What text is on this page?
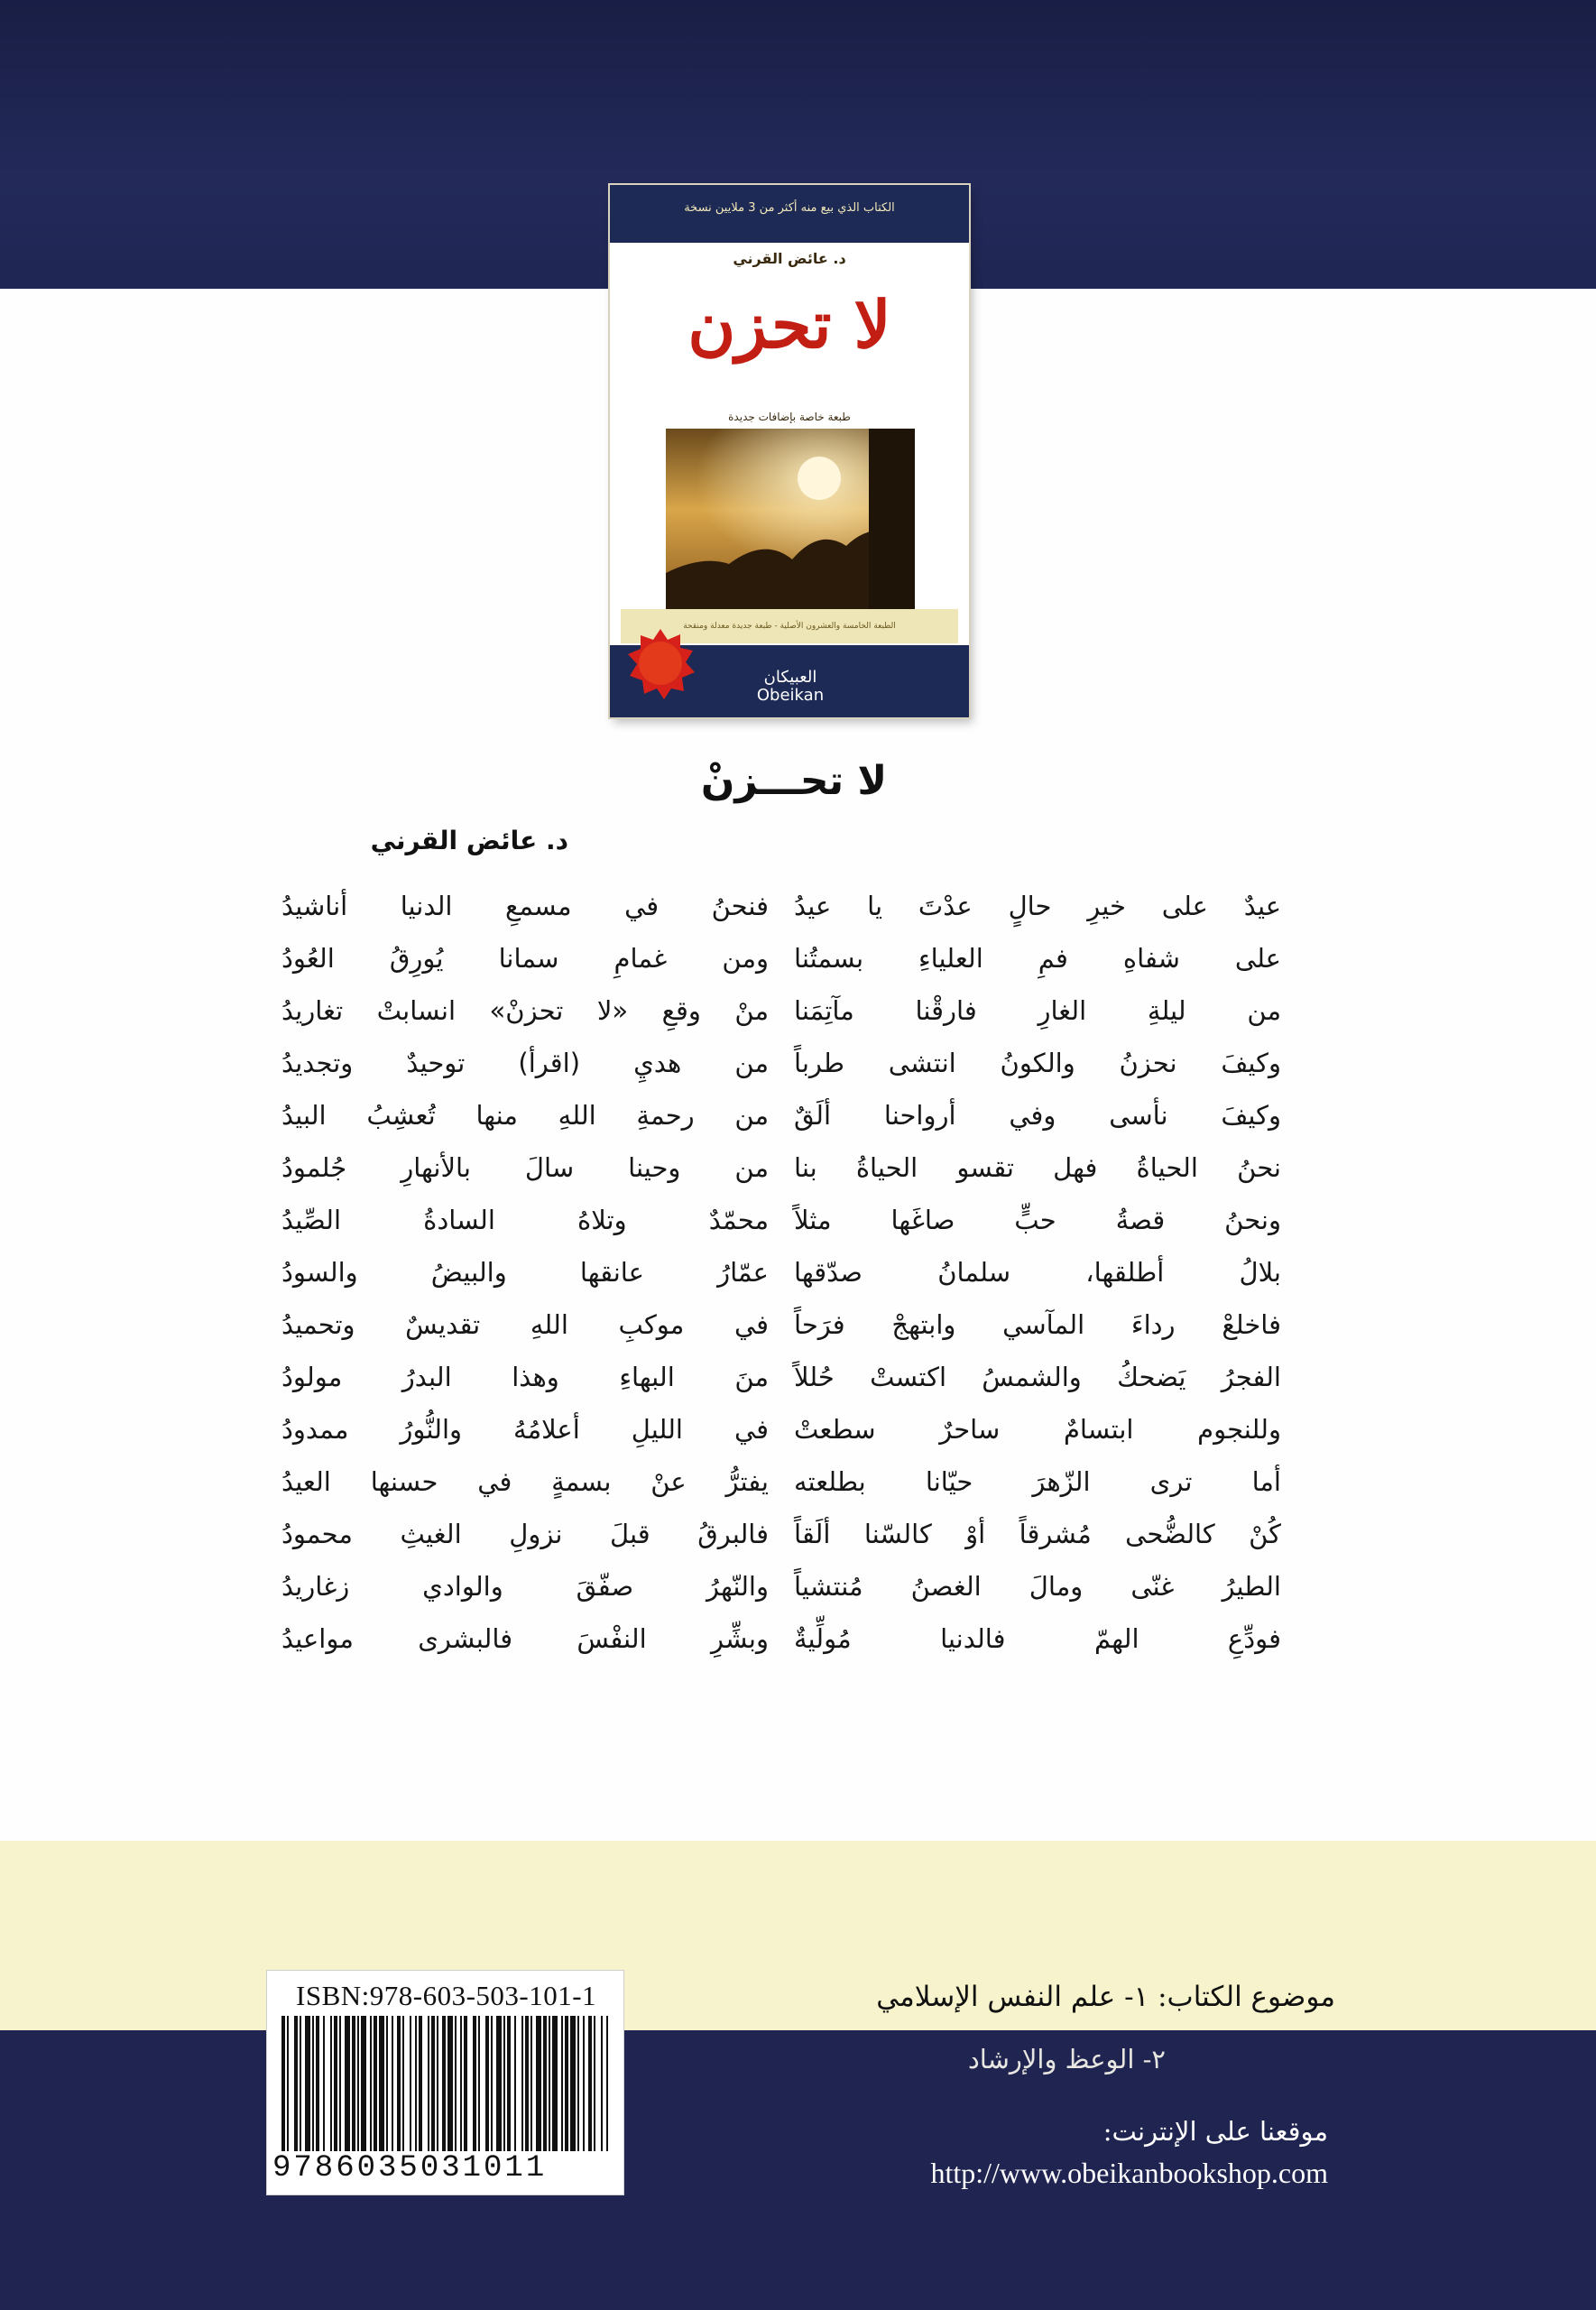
الكتاب الذي بيع منه أكثر من 3 ملايين نسخة
د. عائض القرني
لا تحزن
طبعة خاصة بإضافات جديدة
الطبعة الخامسة والعشرون الأصلية - طبعة جديدة معدلة ومنقحة
العبيكان
Obeikan
لا تحـــزنْ
د. عائض القرني
عيدٌ على خيرِ حالٍ عدْتَ يا عيدُ
على شفاهِ فمِ العلياءِ بسمتُنا
من ليلةِ الغارِ فارقْنا مآتِمَنا
وكيفَ نحزنُ والكونُ انتشى طرباً
وكيفَ نأسى وفي أرواحنا ألَقٌ
نحنُ الحياةُ فهل تقسو الحياةُ بنا
ونحنُ قصةُ حبٍّ صاغَها مثلاً
بلالُ أطلقها، سلمانُ صدّقها
فاخلعْ رداءَ المآسي وابتهجْ فرَحاً
الفجرُ يَضحكُ والشمسُ اكتستْ حُللاً
وللنجوم ابتسامٌ ساحرٌ سطعتْ
أما ترى الزّهرَ حيّانا بطلعته
كُنْ كالضُّحى مُشرقاً أوْ كالسّنا ألَقاً
الطيرُ غنّى ومالَ الغصنُ مُنتشياً
فودِّعِ الهمّ فالدنيا مُولِّيةٌ
فنحنُ في مسمعِ الدنيا أناشيدُ
ومن غمامِ سمانا يُورِقُ العُودُ
منْ وقعِ «لا تحزنْ» انسابتْ تغاريدُ
من هديِ (اقرأ) توحيدٌ وتجديدُ
من رحمةِ اللهِ منها تُعشِبُ البيدُ
من وحينا سالَ بالأنهارِ جُلمودُ
محمّدٌ وتلاهُ السادةُ الصِّيدُ
عمّارُ عانقها والبيضُ والسودُ
في موكبِ اللهِ تقديسٌ وتحميدُ
منَ البهاءِ وهذا البدرُ مولودُ
في الليلِ أعلامُهُ والنُّورُ ممدودُ
يفترُّ عنْ بسمةٍ في حسنها العيدُ
فالبرقُ قبلَ نزولِ الغيثِ محمودُ
والنّهرُ صفّقَ والوادي زغاريدُ
وبشِّرِ النفْسَ فالبشرى مواعيدُ
ISBN:978-603-503-101-1
9786035031011
موضوع الكتاب: ١- علم النفس الإسلامي
٢- الوعظ والإرشاد
موقعنا على الإنترنت:
http://www.obeikanbookshop.com
